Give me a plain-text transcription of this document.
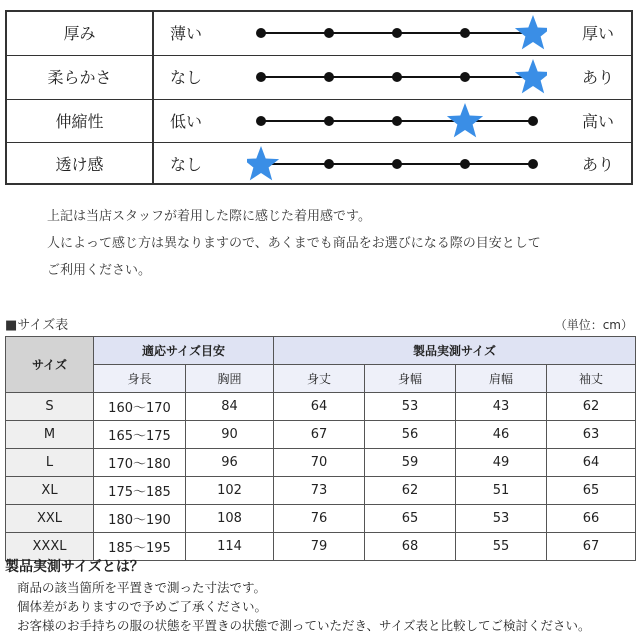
厚み	薄い	厚い
柔らかさ	なし	あり
伸縮性	低い	高い
透け感	なし	あり
上記は当店スタッフが着用した際に感じた着用感です。
人によって感じ方は異なりますので、あくまでも商品をお選びになる際の目安として
ご利用ください。
■サイズ表	（単位：cm）
サイズ	適応サイズ目安		製品実測サイズ			
	身長	胸囲	身丈	身幅	肩幅	袖丈
S	160〜170	84	64	53	43	62
M	165〜175	90	67	56	46	63
L	170〜180	96	70	59	49	64
XL	175〜185	102	73	62	51	65
XXL	180〜190	108	76	65	53	66
XXXL	185〜195	114	79	68	55	67
製品実測サイズとは？
商品の該当箇所を平置きで測った寸法です。
個体差がありますので予めご了承ください。
お客様のお手持ちの服の状態を平置きの状態で測っていただき、サイズ表と比較してご検討ください。
